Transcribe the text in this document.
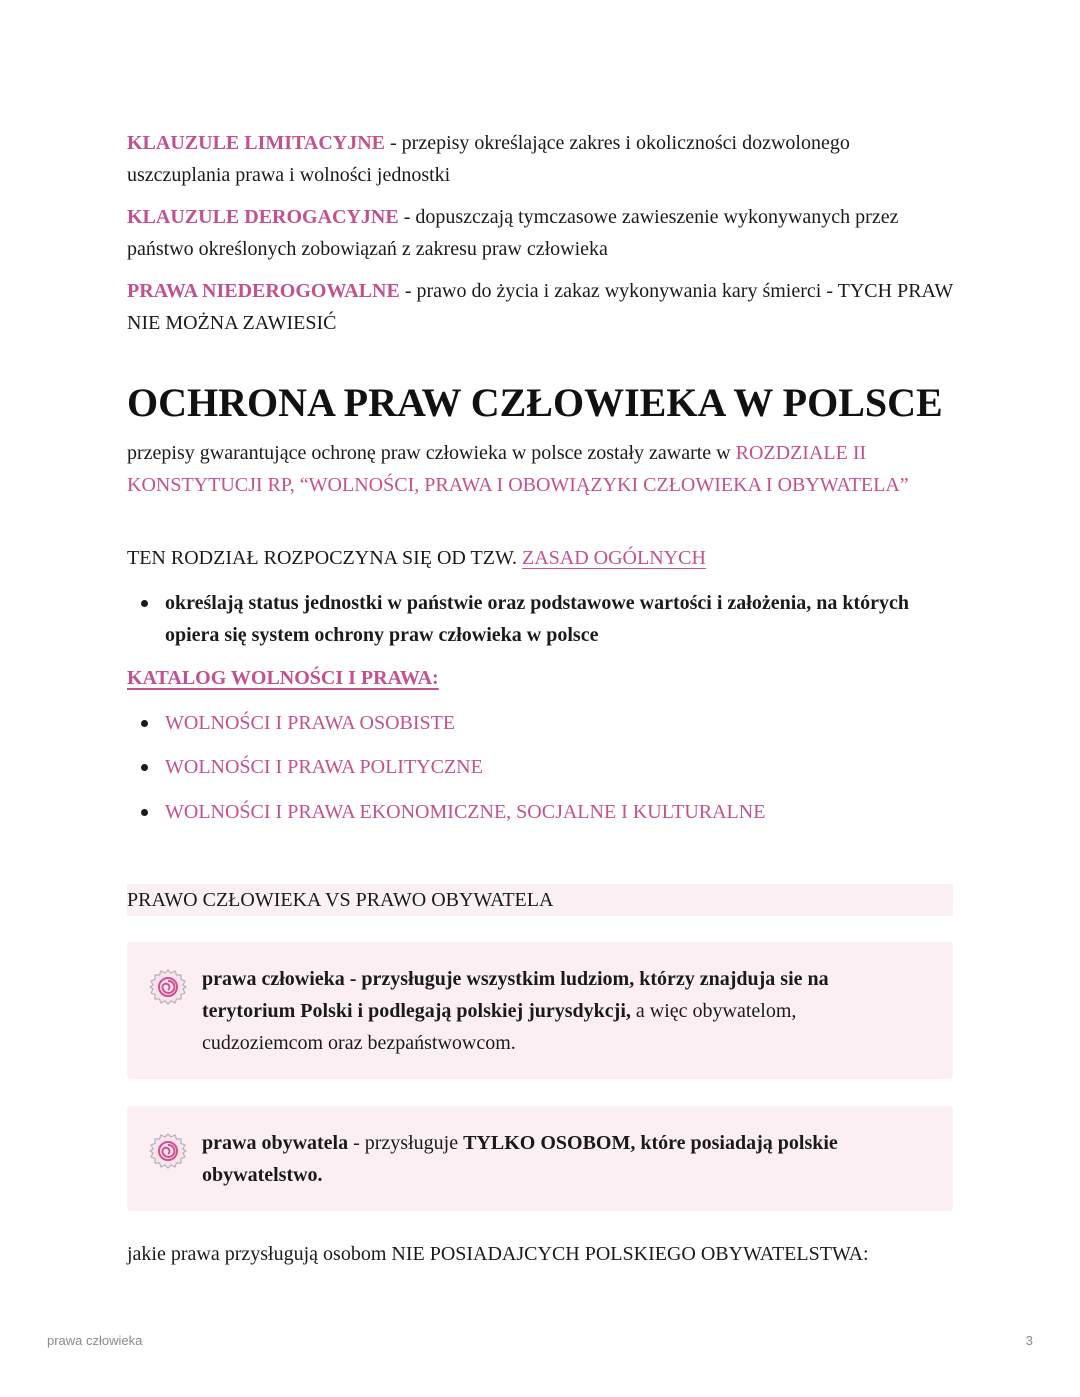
KLAUZULE LIMITACYJNE - przepisy określające zakres i okoliczności dozwolonego uszczuplania prawa i wolności jednostki

KLAUZULE DEROGACYJNE - dopuszczają tymczasowe zawieszenie wykonywanych przez państwo określonych zobowiązań z zakresu praw człowieka

PRAWA NIEDEROGOWALNE - prawo do życia i zakaz wykonywania kary śmierci - TYCH PRAW NIE MOŻNA ZAWIESIĆ

OCHRONA PRAW CZŁOWIEKA W POLSCE

przepisy gwarantujące ochronę praw człowieka w polsce zostały zawarte w ROZDZIALE II KONSTYTUCJI RP, “WOLNOŚCI, PRAWA I OBOWIĄZYKI CZŁOWIEKA I OBYWATELA”

TEN RODZIAŁ ROZPOCZYNA SIĘ OD TZW. ZASAD OGÓLNYCH

określają status jednostki w państwie oraz podstawowe wartości i założenia, na których opiera się system ochrony praw człowieka w polsce

KATALOG WOLNOŚCI I PRAWA:

WOLNOŚCI I PRAWA OSOBISTE
WOLNOŚCI I PRAWA POLITYCZNE
WOLNOŚCI I PRAWA EKONOMICZNE, SOCJALNE I KULTURALNE
PRAWO CZŁOWIEKA VS PRAWO OBYWATELA
prawa człowieka - przysługuje wszystkim ludziom, którzy znajduja sie na terytorium Polski i podlegają polskiej jurysdykcji, a więc obywatelom, cudzoziemcom oraz bezpaństwowcom.
prawa obywatela - przysługuje TYLKO OSOBOM, które posiadają polskie obywatelstwo.

jakie prawa przysługują osobom NIE POSIADAJCYCH POLSKIEGO OBYWATELSTWA:

prawa człowieka	3
